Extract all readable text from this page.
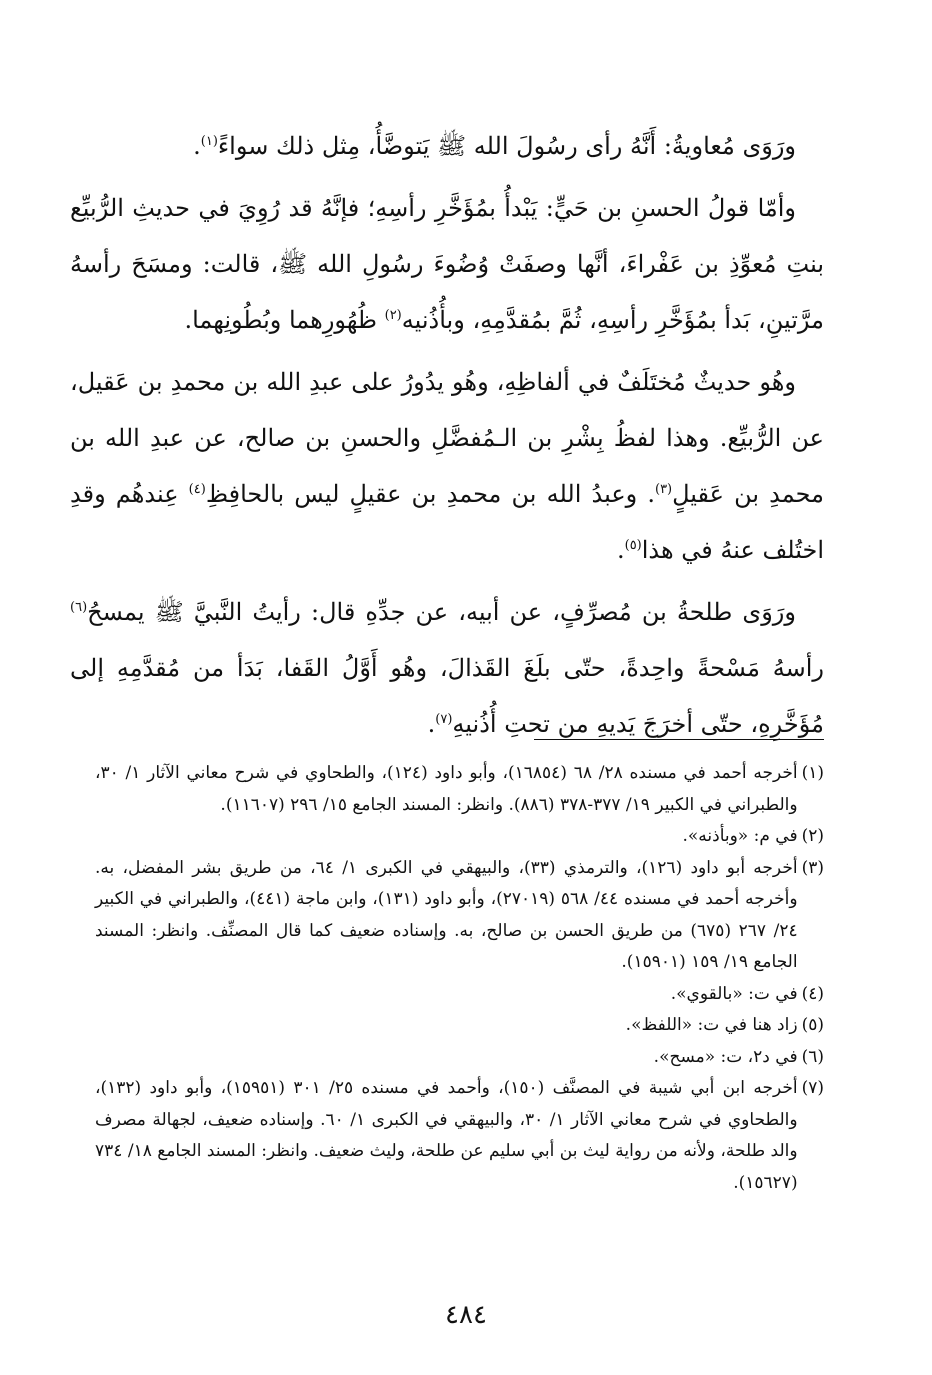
ورَوَى مُعاويةُ: أَنَّهُ رأى رسُولَ الله ﷺ يَتوضَّأُ، مِثل ذلك سواءً$^{(١)}$.

وأمّا قولُ الحسنِ بن حَيٍّ: يَبْدأُ بمُؤَخَّرِ رأسِهِ؛ فإنَّهُ قد رُوِيَ في حديثِ الرُّبيِّع بنتِ مُعوِّذِ بن عَفْراءَ، أنَّها وصفَتْ وُضُوءَ رسُولِ الله ﷺ، قالت: ومسَحَ رأسهُ مرَّتينِ، بَدأ بمُؤَخَّرِ رأسِهِ، ثُمَّ بمُقدَّمِهِ، وبأُذُنيه$^{(٢)}$ ظُهُورِهما وبُطُونِهما.

وهُو حديثٌ مُختَلَفٌ في ألفاظِهِ، وهُو يدُورُ على عبدِ الله بن محمدِ بن عَقيل، عن الرُّبيِّع. وهذا لفظُ بِشْرِ بن الـمُفضَّلِ والحسنِ بن صالح، عن عبدِ الله بن محمدِ بن عَقيلٍ$^{(٣)}$. وعبدُ الله بن محمدِ بن عقيلٍ ليس بالحافِظِ$^{(٤)}$ عِندهُم وقدِ اختُلف عنهُ في هذا$^{(٥)}$.

ورَوَى طلحةُ بن مُصرِّفٍ، عن أبيه، عن جدِّهِ قال: رأيتُ النَّبيَّ ﷺ يمسحُ$^{(٦)}$ رأسهُ مَسْحةً واحِدةً، حتّى بلَغَ القَذالَ، وهُو أَوَّلُ القَفا، بَدَأ من مُقدَّمِهِ إلى مُؤَخَّرِهِ، حتّى أخرَجَ يَديهِ من تحتِ أُذُنيهِ$^{(٧)}$.

(١)
أخرجه أحمد في مسنده ٢٨/ ٦٨ (١٦٨٥٤)، وأبو داود (١٢٤)، والطحاوي في شرح معاني الآثار ١/ ٣٠، والطبراني في الكبير ١٩/ ٣٧٧-٣٧٨ (٨٨٦). وانظر: المسند الجامع ١٥/ ٢٩٦ (١١٦٠٧).
(٢)
في م: «وبأذنه».
(٣)
أخرجه أبو داود (١٢٦)، والترمذي (٣٣)، والبيهقي في الكبرى ١/ ٦٤، من طريق بشر المفضل، به. وأخرجه أحمد في مسنده ٤٤/ ٥٦٨ (٢٧٠١٩)، وأبو داود (١٣١)، وابن ماجة (٤٤١)، والطبراني في الكبير ٢٤/ ٢٦٧ (٦٧٥) من طريق الحسن بن صالح، به. وإسناده ضعيف كما قال المصنِّف. وانظر: المسند الجامع ١٩/ ١٥٩ (١٥٩٠١).
(٤)
في ت: «بالقوي».
(٥)
زاد هنا في ت: «اللفظ».
(٦)
في د٢، ت: «مسح».
(٧)
أخرجه ابن أبي شيبة في المصنَّف (١٥٠)، وأحمد في مسنده ٢٥/ ٣٠١ (١٥٩٥١)، وأبو داود (١٣٢)، والطحاوي في شرح معاني الآثار ١/ ٣٠، والبيهقي في الكبرى ١/ ٦٠. وإسناده ضعيف، لجهالة مصرف والد طلحة، ولأنه من رواية ليث بن أبي سليم عن طلحة، وليث ضعيف. وانظر: المسند الجامع ١٨/ ٧٣٤ (١٥٦٢٧).
٤٨٤
